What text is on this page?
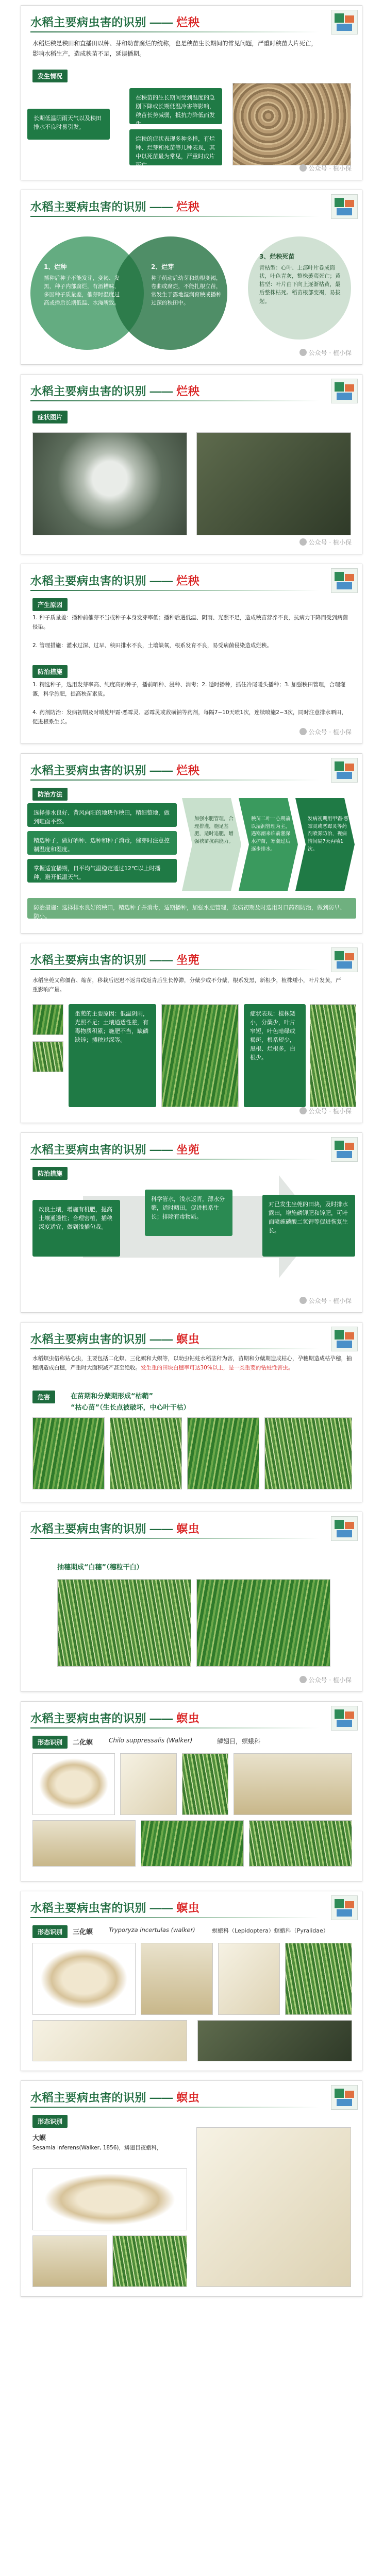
水稻主要病虫害的识别 —— 烂秧
水稻烂秧是秧田和直播田以种、芽和幼苗腐烂的统称，也是秧苗生长期间的常见问题，严重时秧苗大片死亡，影响水稻生产，造成秧苗不足，延误播期。
发生情况
长期低温阴雨天气以及秧田排水不良时易引发。
在秧苗的生长期间受到温度的急剧下降或长期低温冷害等影响，秧苗长势减弱，抵抗力降低而发生。
烂秧的症状表现多种多样，有烂种、烂芽和死苗等几种表现，其中以死苗最为常见，严重时成片死亡。	公众号 · 植小保
水稻主要病虫害的识别 —— 烂秧
1、烂种
播种后种子不能发芽，变褐、发黑，种子内部腐烂，有酒糟味，多因种子质量差，催芽时温度过高或播后长期低温、水淹所致。
2、烂芽
种子萌动后幼芽和幼根变褐，卷曲或腐烂，不能扎根立苗，常发生于露地湿润育秧或播种过深的秧田中。
3、烂秧死苗
青枯型：心叶、上部叶片卷成筒状，叶色青灰，整株萎蔫死亡；黄枯型：叶片由下向上逐渐枯黄，最后整株枯死。稻苗根部变褐，易拔起。
公众号 · 植小保
水稻主要病虫害的识别 —— 烂秧
症状图片
公众号 · 植小保
水稻主要病虫害的识别 —— 烂秧
产生原因
1. 种子质量差：播种前催芽不当或种子本身发芽率低；播种后遇低温、阴雨、光照不足，造成秧苗营养不良，抗病力下降而受到病菌侵染。
2. 管理措施：灌水过深、过早、秧田排水不良，土壤缺氧，根系发育不良，易受病菌侵染造成烂秧。
防治措施
1. 精选种子，选用发芽率高、纯度高的种子，播前晒种、浸种、消毒；2. 适时播种，抓住冷尾暖头播种；3. 加强秧田管理，合理灌溉，科学施肥，提高秧苗素质。
4. 药剂防治：发病初期及时喷施甲霜·恶霉灵、恶霉灵或敌磺钠等药剂，每隔7~10天喷1次，连续喷施2~3次，同时注意排水晒田，促进根系生长。
公众号 · 植小保
水稻主要病虫害的识别 —— 烂秧
防治方法
选择排水良好、背风向阳的地块作秧田，精细整地，做到畦面平整。
精选种子，做好晒种、选种和种子消毒，催芽时注意控制温度和湿度。
掌握适宜播期，日平均气温稳定通过12℃以上时播种，避开低温天气。
加强水肥管理，合理排灌，施足基肥，适时追肥，增强秧苗抗病能力。
秧苗二叶一心期前以湿润管理为主，遇寒潮来临前灌深水护苗，寒潮过后逐步排水。
发病初期用甲霜·恶霉灵或恶霉灵等药剂喷雾防治，视病情间隔7天再喷1次。
防治措施：选择排水良好的秧田，精选种子并消毒，适期播种，加强水肥管理，发病初期及时选用对口药剂防治，做到防早、防小。
水稻主要病虫害的识别 —— 坐蔸
水稻坐蔸又称僵苗、缩苗，移栽后迟迟不返青或返青后生长停滞，分蘖少或不分蘖，根系发黑，新根少，植株矮小，叶片发黄，严重影响产量。
坐蔸的主要原因：低温阴雨，光照不足；土壤通透性差，有毒物质积累；施肥不当，缺磷缺锌；插秧过深等。
症状表现：植株矮小，分蘖少，叶片窄短，叶色暗绿或褐斑，根系短少，黑根、烂根多，白根少。
公众号 · 植小保
水稻主要病虫害的识别 —— 坐蔸
防治措施
改良土壤，增施有机肥，提高土壤通透性；合理密植，插秧深度适宜，做到浅插匀栽。
科学管水，浅水返青，薄水分蘖，适时晒田，促进根系生长；排除有毒物质。
对已发生坐蔸的田块，及时排水露田，增施磷钾肥和锌肥，可叶面喷施磷酸二氢钾等促进恢复生长。
公众号 · 植小保
水稻主要病虫害的识别 —— 螟虫
水稻螟虫俗称钻心虫，主要包括二化螟、三化螟和大螟等，以幼虫钻蛀水稻茎秆为害，苗期和分蘖期造成枯心，孕穗期造成枯孕穗，抽穗期造成白穗，严重时大面积减产甚至绝收。发生重的田块白穗率可达30%以上，是一类重要的钻蛀性害虫。
危害	在苗期和分蘖期形成“枯鞘”
“枯心苗”（生长点被破坏，中心叶干枯）
水稻主要病虫害的识别 —— 螟虫
抽穗期成“白穗”（穗粒干白）
公众号 · 植小保
水稻主要病虫害的识别 —— 螟虫
形态识别	二化螟	Chilo suppressalis (Walker)	鳞翅目，螟蛾科
水稻主要病虫害的识别 —— 螟虫
形态识别	三化螟	Tryporyza incertulas (walker)	螟蛾科（Lepidoptera）螟蛾科（Pyralidae）
水稻主要病虫害的识别 —— 螟虫
形态识别
大螟
Sesamia inferens(Walker, 1856)，鳞翅目夜蛾科，
